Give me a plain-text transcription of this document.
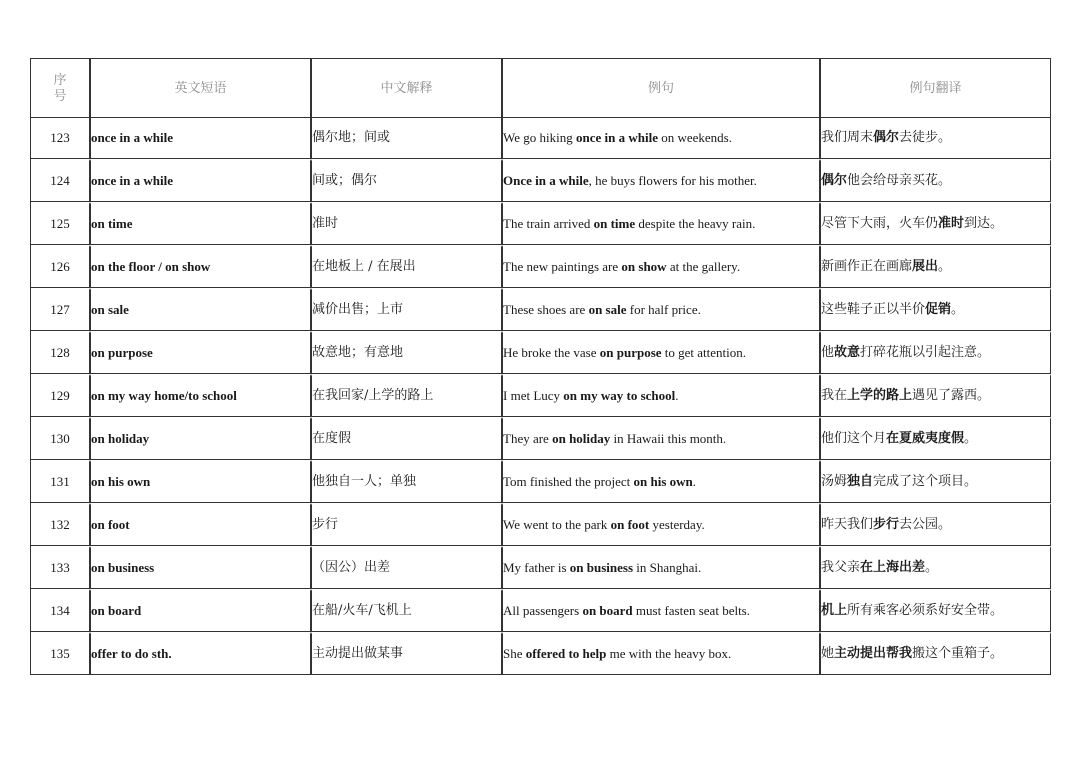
序
号	英文短语	中文解释	例句	例句翻译
123	once in a while	偶尔地；间或	We go hiking once in a while on weekends.	我们周末偶尔去徒步。
124	once in a while	间或；偶尔	Once in a while, he buys flowers for his mother.	偶尔他会给母亲买花。
125	on time	准时	The train arrived on time despite the heavy rain.	尽管下大雨，火车仍准时到达。
126	on the floor / on show	在地板上 / 在展出	The new paintings are on show at the gallery.	新画作正在画廊展出。
127	on sale	减价出售；上市	These shoes are on sale for half price.	这些鞋子正以半价促销。
128	on purpose	故意地；有意地	He broke the vase on purpose to get attention.	他故意打碎花瓶以引起注意。
129	on my way home/to school	在我回家/上学的路上	I met Lucy on my way to school.	我在上学的路上遇见了露西。
130	on holiday	在度假	They are on holiday in Hawaii this month.	他们这个月在夏威夷度假。
131	on his own	他独自一人；单独	Tom finished the project on his own.	汤姆独自完成了这个项目。
132	on foot	步行	We went to the park on foot yesterday.	昨天我们步行去公园。
133	on business	（因公）出差	My father is on business in Shanghai.	我父亲在上海出差。
134	on board	在船/火车/飞机上	All passengers on board must fasten seat belts.	机上所有乘客必须系好安全带。
135	offer to do sth.	主动提出做某事	She offered to help me with the heavy box.	她主动提出帮我搬这个重箱子。
